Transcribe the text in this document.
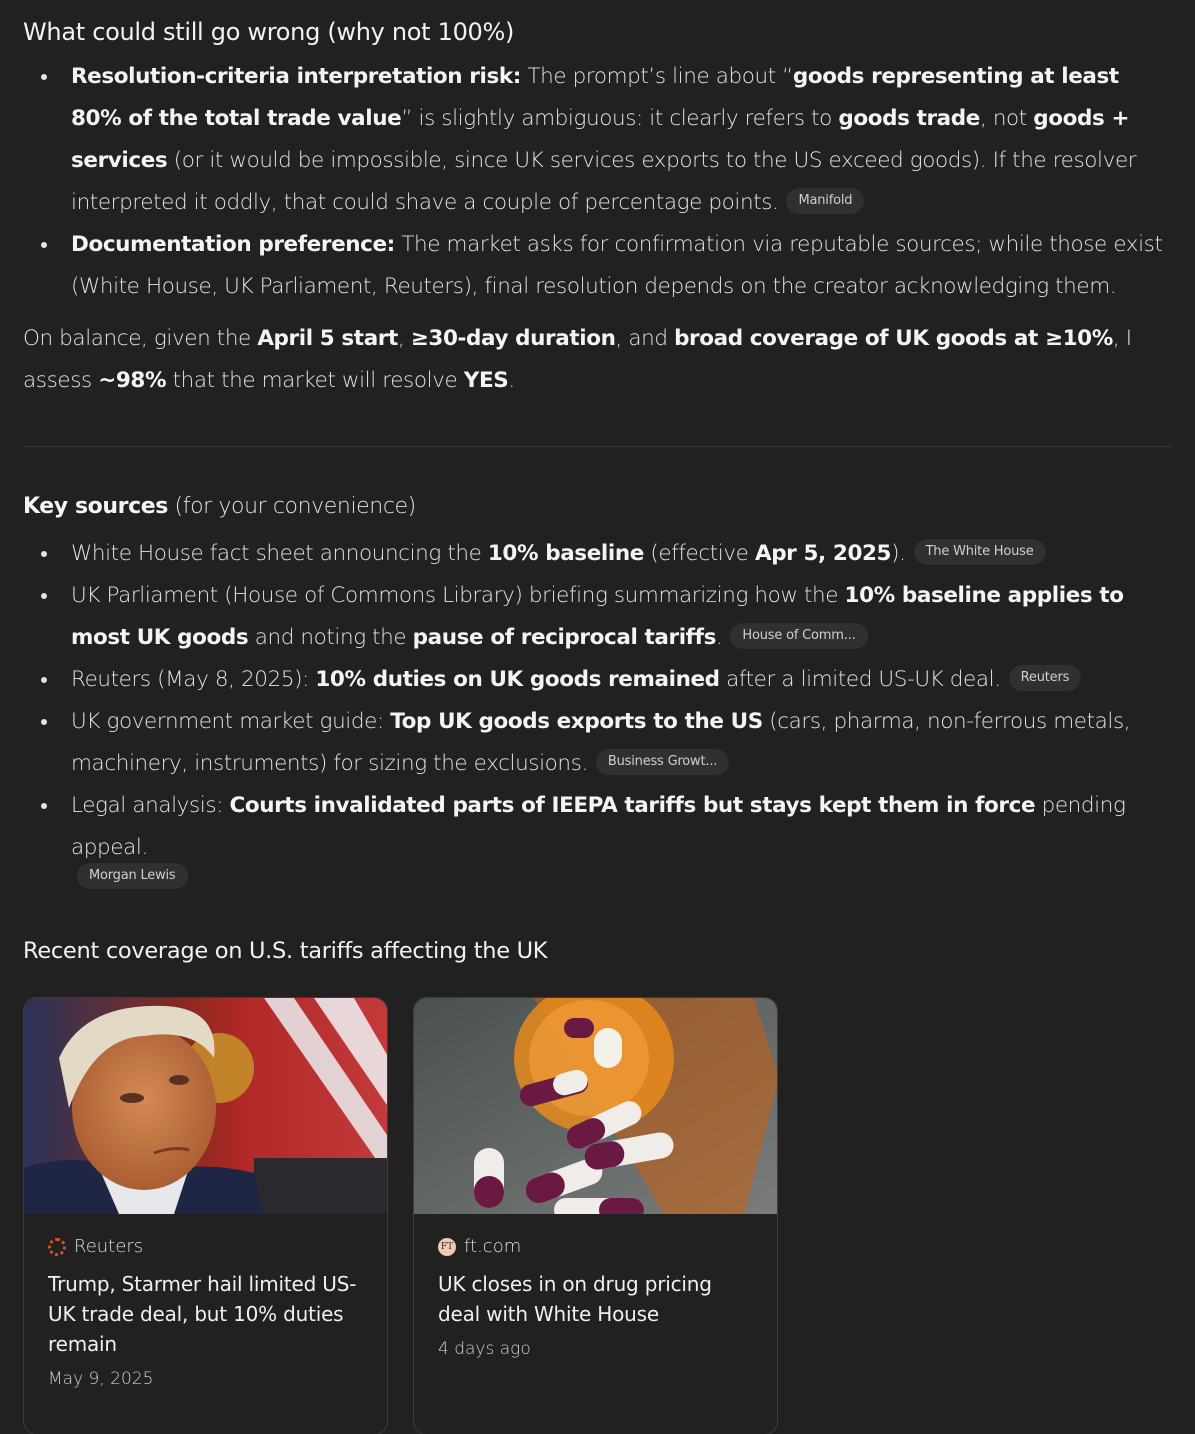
What could still go wrong (why not 100%)
Resolution-criteria interpretation risk: The prompt’s line about “goods representing at least 80% of the total trade value” is slightly ambiguous: it clearly refers to goods trade, not goods + services (or it would be impossible, since UK services exports to the US exceed goods). If the resolver interpreted it oddly, that could shave a couple of percentage points. Manifold
Documentation preference: The market asks for confirmation via reputable sources; while those exist (White House, UK Parliament, Reuters), final resolution depends on the creator acknowledging them.

On balance, given the April 5 start, ≥30-day duration, and broad coverage of UK goods at ≥10%, I assess ~98% that the market will resolve YES.

Key sources (for your convenience)
White House fact sheet announcing the 10% baseline (effective Apr 5, 2025). The White House
UK Parliament (House of Commons Library) briefing summarizing how the 10% baseline applies to most UK goods and noting the pause of reciprocal tariffs. House of Comm...
Reuters (May 8, 2025): 10% duties on UK goods remained after a limited US-UK deal. Reuters
UK government market guide: Top UK goods exports to the US (cars, pharma, non-ferrous metals, machinery, instruments) for sizing the exclusions. Business Growt...
Legal analysis: Courts invalidated parts of IEEPA tariffs but stays kept them in force pending appeal.
Morgan Lewis
Recent coverage on U.S. tariffs affecting the UK
Reuters
Trump, Starmer hail limited US-UK trade deal, but 10% duties remain
May 9, 2025
FT ft.com
UK closes in on drug pricing deal with White House
4 days ago
